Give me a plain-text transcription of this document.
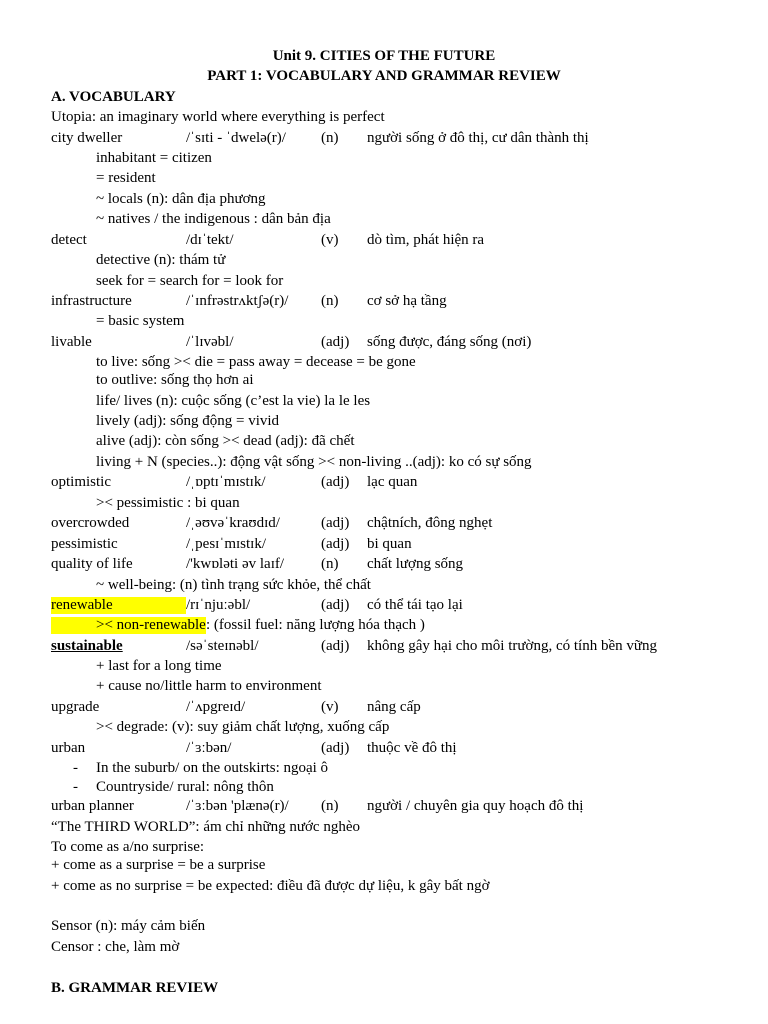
Unit 9. CITIES OF THE FUTURE
PART 1: VOCABULARY AND GRAMMAR REVIEW
A. VOCABULARY
Utopia: an imaginary world where everything is perfect
city dweller	/ˈsɪti - ˈdwelə(r)/ (n) người sống ở đô thị, cư dân thành thị
inhabitant = citizen
= resident
~ locals (n): dân địa phương
~ natives / the indigenous : dân bản địa
detect	/dɪˈtekt/	(v) dò tìm, phát hiện ra
detective (n): thám tử
seek for = search for = look for
infrastructure	/ˈɪnfrəstrʌktʃə(r)/ (n) cơ sở hạ tầng
= basic system
livable	/ˈlɪvəbl/	(adj) sống được, đáng sống (nơi)
to live: sống >< die = pass away = decease = be gone
to outlive: sống thọ hơn ai
life/ lives (n): cuộc sống (c’est la vie) la le les
lively (adj): sống động = vivid
alive (adj): còn sống >< dead (adj): đã chết
living + N (species..): động vật sống >< non-living ..(adj): ko có sự sống
optimistic	/ˌɒptɪˈmɪstɪk/	(adj) lạc quan
>< pessimistic : bi quan
overcrowded	/ˌəʊvəˈkraʊdɪd/	(adj) chậtních, đông nghẹt
pessimistic	/ˌpesɪˈmɪstɪk/	(adj) bi quan
quality of life	/'kwɒləti əv laɪf/ (n) chất lượng sống
~ well-being: (n) tình trạng sức khỏe, thể chất
renewable	/rɪˈnjuːəbl/	(adj) có thể tái tạo lại
>< non-renewable : (fossil fuel: năng lượng hóa thạch )
sustainable	/səˈsteɪnəbl/	(adj) không gây hại cho môi trường, có tính bền vững
+ last for a long time
+ cause no/little harm to environment
upgrade	/ˈʌpgreɪd/	(v) nâng cấp
>< degrade: (v): suy giảm chất lượng, xuống cấp
urban	/ˈɜːbən/	(adj) thuộc về đô thị
- In the suburb/ on the outskirts: ngoại ô
- Countryside/ rural: nông thôn
urban planner	/ˈɜːbən 'plænə(r)/ (n) người / chuyên gia quy hoạch đô thị
“The THIRD WORLD”: ám chỉ những nước nghèo
To come as a/no surprise:
+ come as a surprise = be a surprise
+ come as no surprise = be expected: điều đã được dự liệu, k gây bất ngờ
Sensor (n): máy cảm biến
Censor : che, làm mờ
B. GRAMMAR REVIEW
